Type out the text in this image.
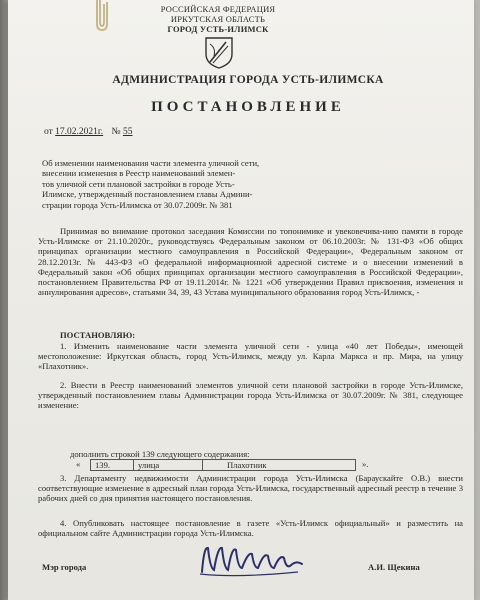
РОССИЙСКАЯ ФЕДЕРАЦИЯ
ИРКУТСКАЯ ОБЛАСТЬ
ГОРОД УСТЬ-ИЛИМСК
АДМИНИСТРАЦИЯ ГОРОДА УСТЬ-ИЛИМСКА
ПОСТАНОВЛЕНИЕ
от 17.02.2021г. № 55
Об изменении наименования части элемента уличной сети,
внесении изменения в Реестр наименований элемен-
тов уличной сети плановой застройки в городе Усть-
Илимске, утвержденный постановлением главы Админи-
страции города Усть-Илимска от 30.07.2009г. № 381

Принимая во внимание протокол заседания Комиссии по топонимике и увековечива-нию памяти в городе Усть-Илимске от 21.10.2020г., руководствуясь Федеральным законом от 06.10.2003г. № 131-ФЗ «Об общих принципах организации местного самоуправления в Российской Федерации», Федеральным законом от 28.12.2013г. № 443-ФЗ «О федеральной информационной адресной системе и о внесении изменений в Федеральный закон «Об общих принципах организации местного самоуправления в Российской Федерации», постановлением Правительства РФ от 19.11.2014г. № 1221 «Об утверждении Правил присвоения, изменения и аннулирования адресов», статьями 34, 39, 43 Устава муниципального образования город Усть-Илимск, -

ПОСТАНОВЛЯЮ:

1. Изменить наименование части элемента уличной сети - улица «40 лет Победы», имеющей местоположение: Иркутская область, город Усть-Илимск, между ул. Карла Маркса и пр. Мира, на улицу «Плахотник».

2. Внести в Реестр наименований элементов уличной сети плановой застройки в городе Усть-Илимске, утвержденный постановлением главы Администрации города Усть-Илимска от 30.07.2009г. № 381, следующее изменение:

дополнить строкой 139 следующего содержания:
« 139.	улица	Плахотник	».

3. Департаменту недвижимости Администрации города Усть-Илимска (Бараускайте О.В.) внести соответствующие изменение в адресный план города Усть-Илимска, государственный адресный реестр в течение 3 рабочих дней со дня принятия настоящего постановления.

4. Опубликовать настоящее постановление в газете «Усть-Илимск официальный» и разместить на официальном сайте Администрации города Усть-Илимска.

Мэр города	А.И. Щекина
